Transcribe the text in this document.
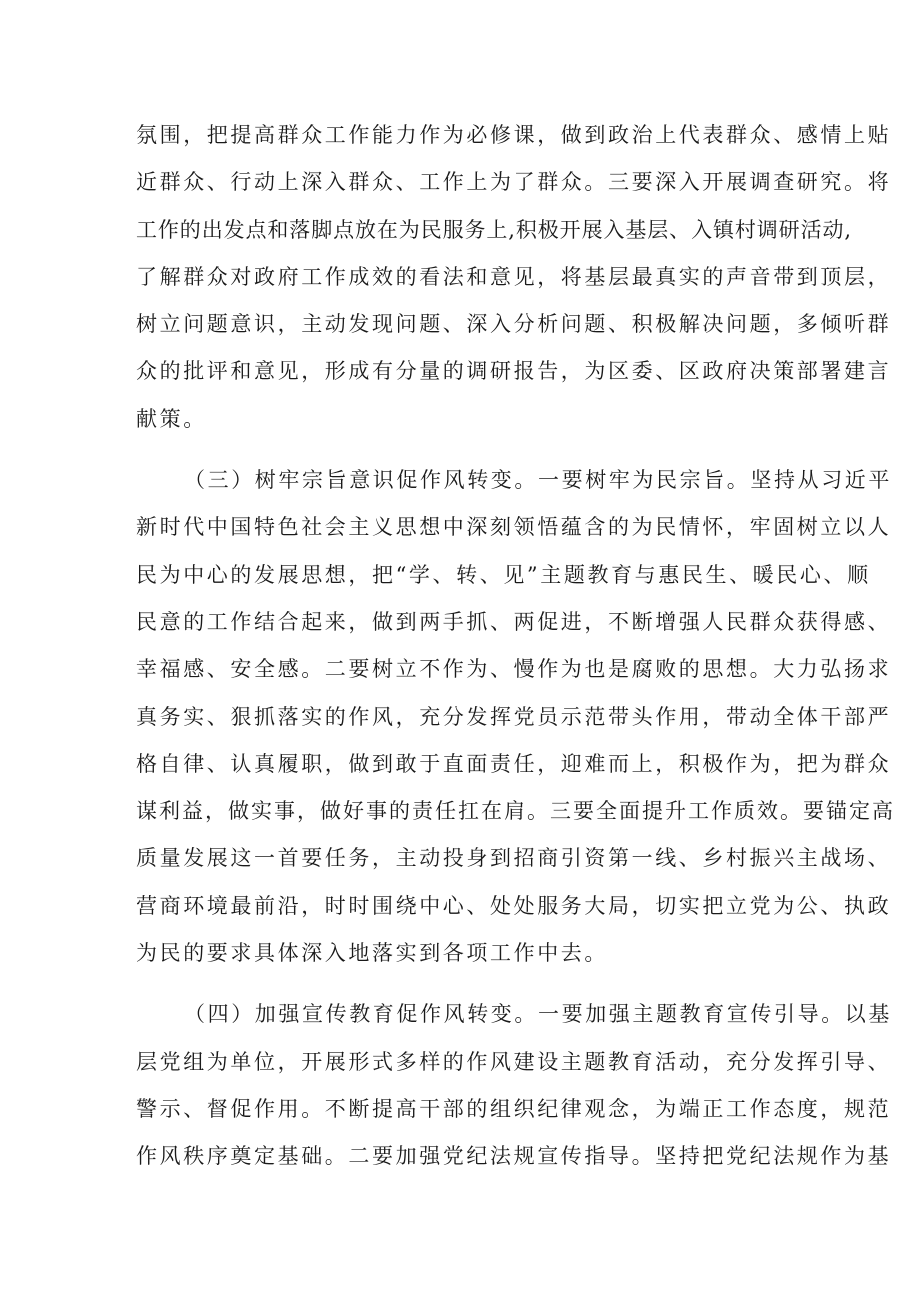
氛围，把提高群众工作能力作为必修课，做到政治上代表群众、感情上贴
近群众、行动上深入群众、工作上为了群众。三要深入开展调查研究。将
工作的出发点和落脚点放在为民服务上,积极开展入基层、入镇村调研活动,
了解群众对政府工作成效的看法和意见，将基层最真实的声音带到顶层，
树立问题意识，主动发现问题、深入分析问题、积极解决问题，多倾听群
众的批评和意见，形成有分量的调研报告，为区委、区政府决策部署建言
献策。
（三）树牢宗旨意识促作风转变。一要树牢为民宗旨。坚持从习近平
新时代中国特色社会主义思想中深刻领悟蕴含的为民情怀，牢固树立以人
民为中心的发展思想，把“学、转、见”主题教育与惠民生、暖民心、顺
民意的工作结合起来，做到两手抓、两促进，不断增强人民群众获得感、
幸福感、安全感。二要树立不作为、慢作为也是腐败的思想。大力弘扬求
真务实、狠抓落实的作风，充分发挥党员示范带头作用，带动全体干部严
格自律、认真履职，做到敢于直面责任，迎难而上，积极作为，把为群众
谋利益，做实事，做好事的责任扛在肩。三要全面提升工作质效。要锚定高
质量发展这一首要任务，主动投身到招商引资第一线、乡村振兴主战场、
营商环境最前沿，时时围绕中心、处处服务大局，切实把立党为公、执政
为民的要求具体深入地落实到各项工作中去。
（四）加强宣传教育促作风转变。一要加强主题教育宣传引导。以基
层党组为单位，开展形式多样的作风建设主题教育活动，充分发挥引导、
警示、督促作用。不断提高干部的组织纪律观念，为端正工作态度，规范
作风秩序奠定基础。二要加强党纪法规宣传指导。坚持把党纪法规作为基
